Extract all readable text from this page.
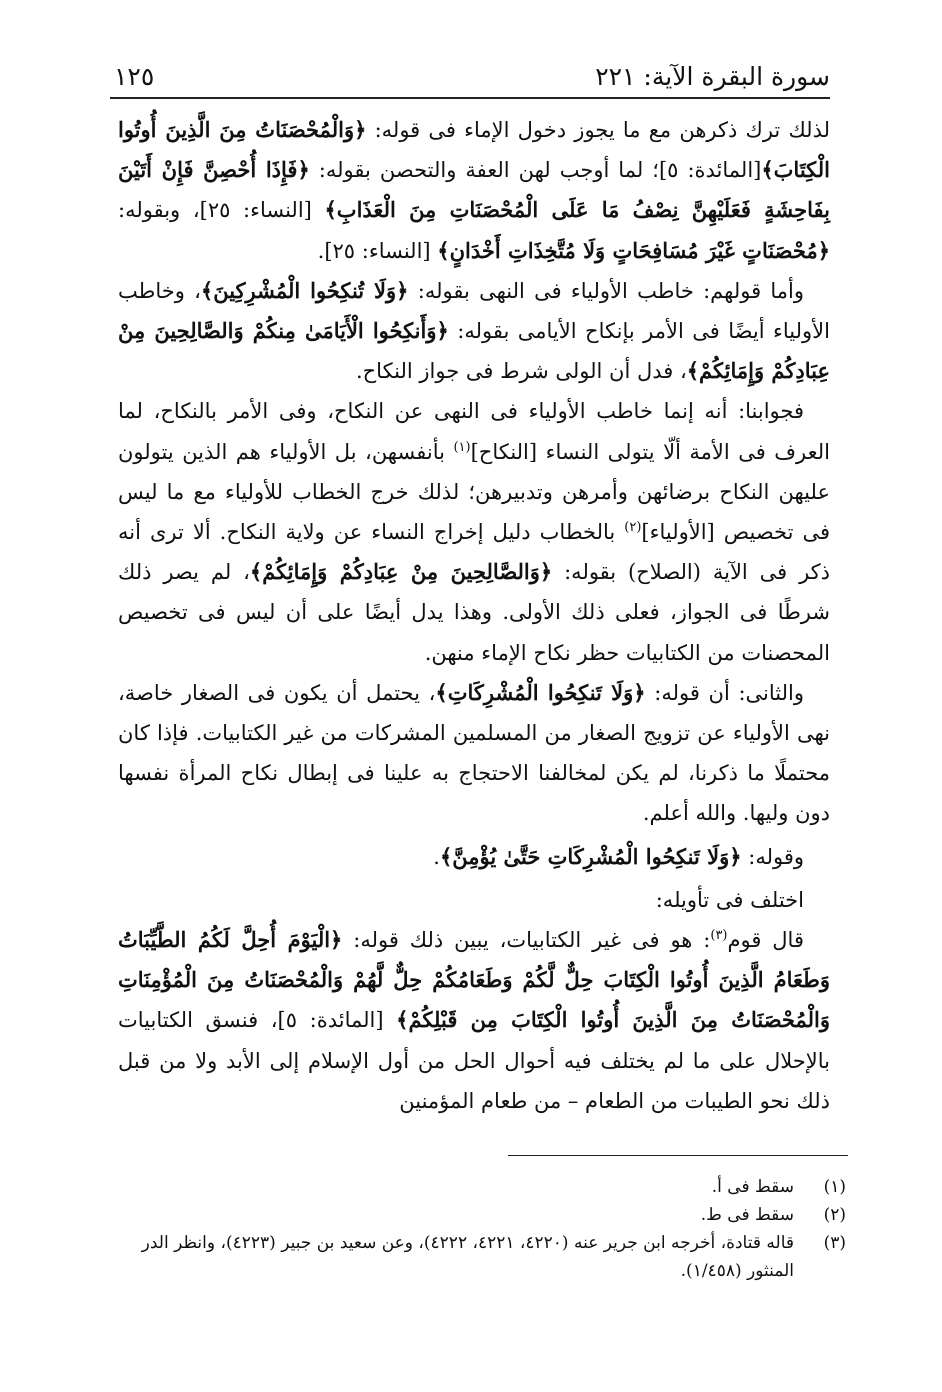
سورة البقرة الآية: ٢٢١
١٢٥

لذلك ترك ذكرهن مع ما يجوز دخول الإماء فى قوله: ﴿وَالْمُحْصَنَاتُ مِنَ الَّذِينَ أُوتُوا الْكِتَابَ﴾[المائدة: ٥]؛ لما أوجب لهن العفة والتحصن بقوله: ﴿فَإِذَا أُحْصِنَّ فَإِنْ أَتَيْنَ بِفَاحِشَةٍ فَعَلَيْهِنَّ نِصْفُ مَا عَلَى الْمُحْصَنَاتِ مِنَ الْعَذَابِ﴾ [النساء: ٢٥]، وبقوله: ﴿مُحْصَنَاتٍ غَيْرَ مُسَافِحَاتٍ وَلَا مُتَّخِذَاتِ أَخْدَانٍ﴾ [النساء: ٢٥].

وأما قولهم: خاطب الأولياء فى النهى بقوله: ﴿وَلَا تُنكِحُوا الْمُشْرِكِينَ﴾، وخاطب الأولياء أيضًا فى الأمر بإنكاح الأيامى بقوله: ﴿وَأَنكِحُوا الْأَيَامَىٰ مِنكُمْ وَالصَّالِحِينَ مِنْ عِبَادِكُمْ وَإِمَائِكُمْ﴾، فدل أن الولى شرط فى جواز النكاح.

فجوابنا: أنه إنما خاطب الأولياء فى النهى عن النكاح، وفى الأمر بالنكاح، لما العرف فى الأمة ألّا يتولى النساء [النكاح]$^{(١)}$ بأنفسهن، بل الأولياء هم الذين يتولون عليهن النكاح برضائهن وأمرهن وتدبيرهن؛ لذلك خرج الخطاب للأولياء مع ما ليس فى تخصيص [الأولياء]$^{(٢)}$ بالخطاب دليل إخراج النساء عن ولاية النكاح. ألا ترى أنه ذكر فى الآية (الصلاح) بقوله: ﴿وَالصَّالِحِينَ مِنْ عِبَادِكُمْ وَإِمَائِكُمْ﴾، لم يصر ذلك شرطًا فى الجواز، فعلى ذلك الأولى. وهذا يدل أيضًا على أن ليس فى تخصيص المحصنات من الكتابيات حظر نكاح الإماء منهن.

والثانى: أن قوله: ﴿وَلَا تَنكِحُوا الْمُشْرِكَاتِ﴾، يحتمل أن يكون فى الصغار خاصة، نهى الأولياء عن تزويج الصغار من المسلمين المشركات من غير الكتابيات. فإذا كان محتملًا ما ذكرنا، لم يكن لمخالفنا الاحتجاج به علينا فى إبطال نكاح المرأة نفسها دون وليها. والله أعلم.

وقوله: ﴿وَلَا تَنكِحُوا الْمُشْرِكَاتِ حَتَّىٰ يُؤْمِنَّ﴾.

اختلف فى تأويله:

قال قوم$^{(٣)}$: هو فى غير الكتابيات، يبين ذلك قوله: ﴿الْيَوْمَ أُحِلَّ لَكُمُ الطَّيِّبَاتُ وَطَعَامُ الَّذِينَ أُوتُوا الْكِتَابَ حِلٌّ لَّكُمْ وَطَعَامُكُمْ حِلٌّ لَّهُمْ وَالْمُحْصَنَاتُ مِنَ الْمُؤْمِنَاتِ وَالْمُحْصَنَاتُ مِنَ الَّذِينَ أُوتُوا الْكِتَابَ مِن قَبْلِكُمْ﴾ [المائدة: ٥]، فنسق الكتابيات بالإحلال على ما لم يختلف فيه أحوال الحل من أول الإسلام إلى الأبد ولا من قبل ذلك نحو الطيبات من الطعام – من طعام المؤمنين

(١)
سقط فى أ.
(٢)
سقط فى ط.
(٣)
قاله قتادة، أخرجه ابن جرير عنه (٤٢٢٠، ٤٢٢١، ٤٢٢٢)، وعن سعيد بن جبير (٤٢٢٣)، وانظر الدر المنثور (١/٤٥٨).
